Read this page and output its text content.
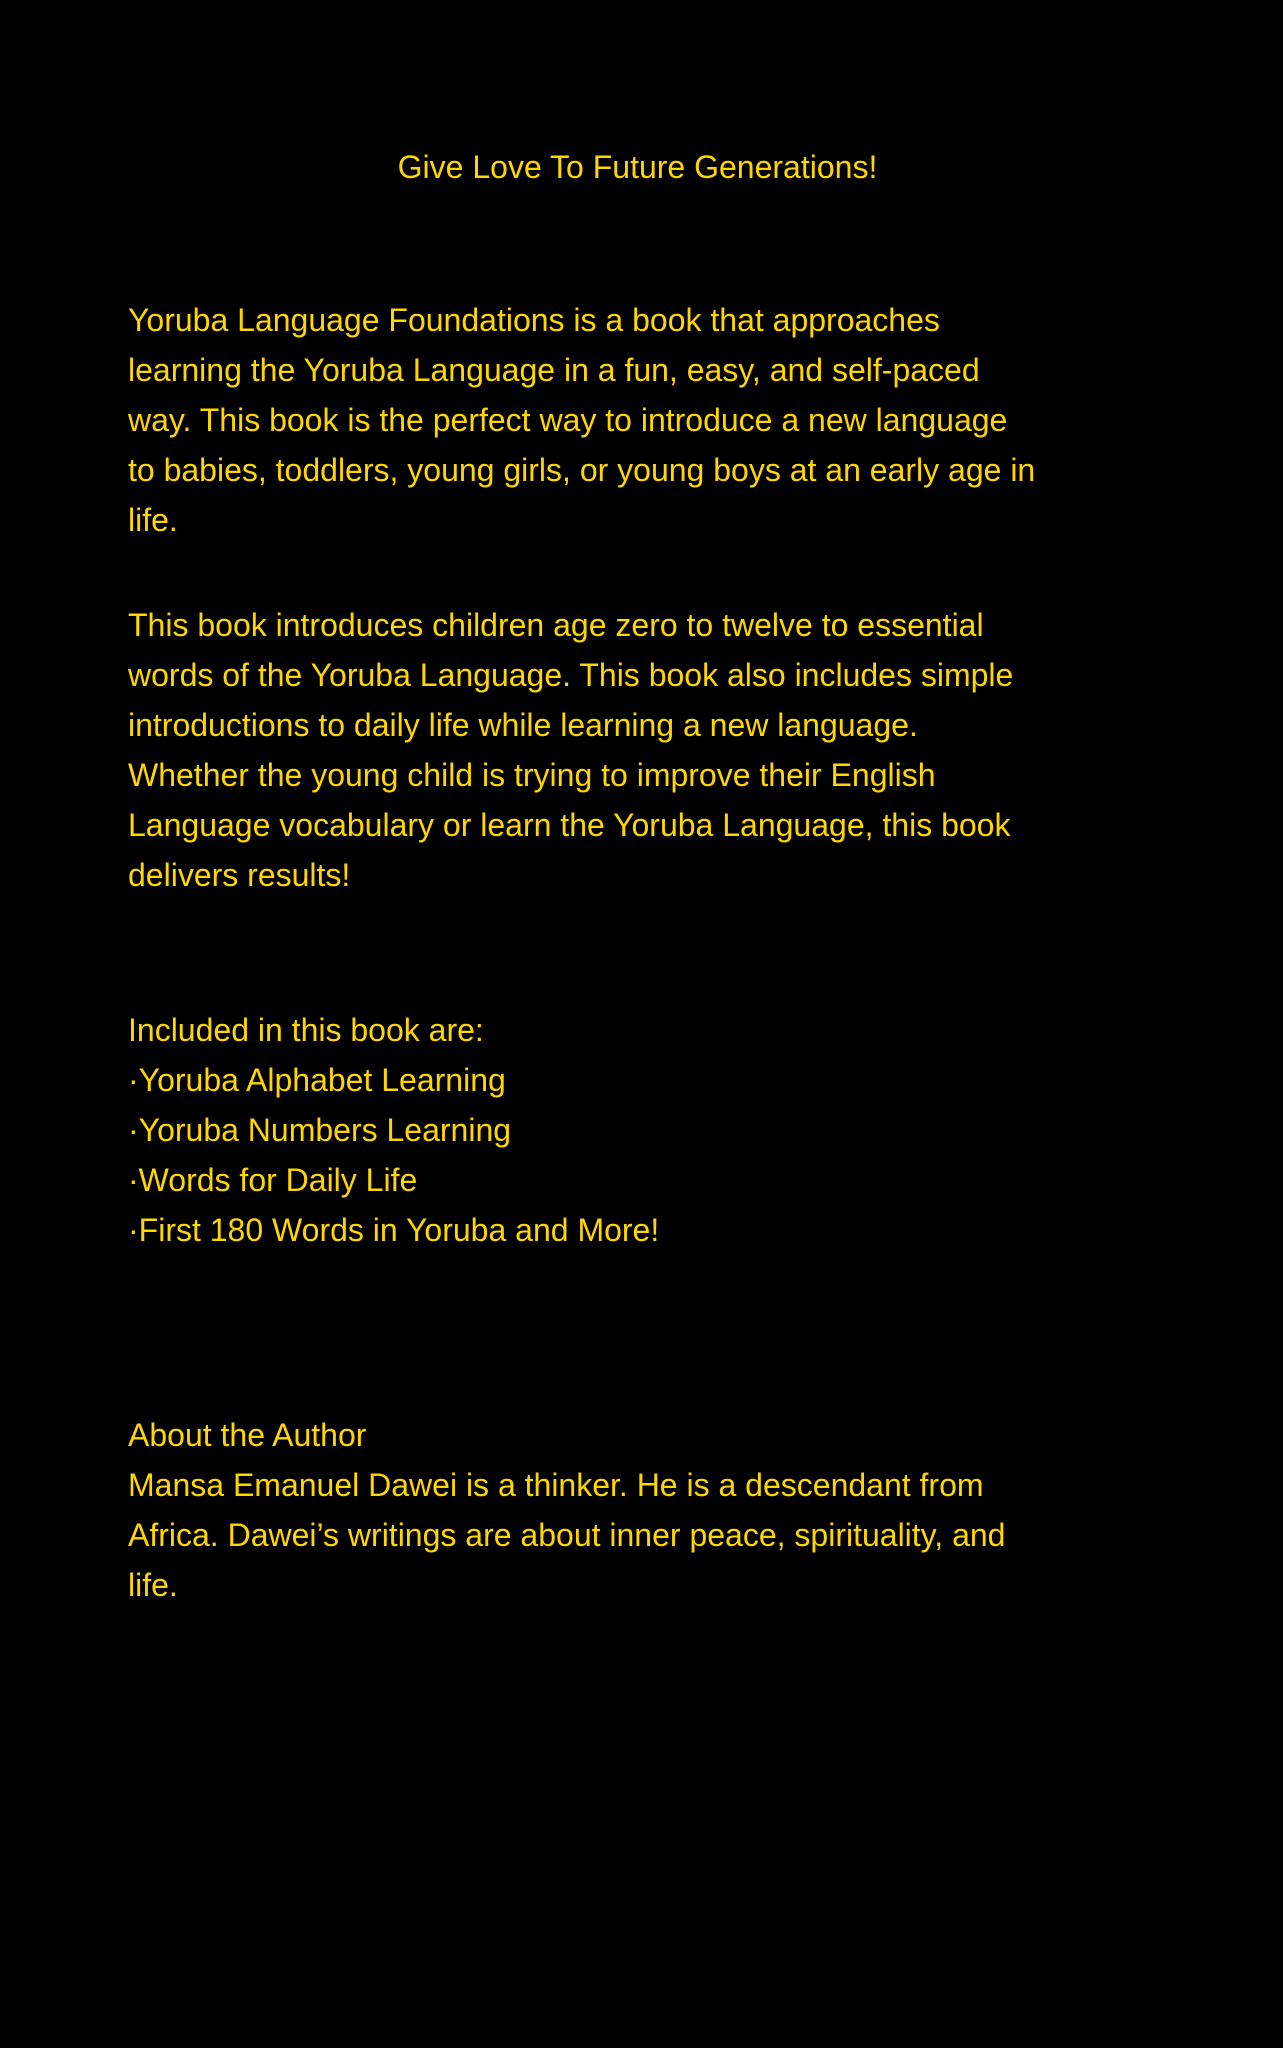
Give Love To Future Generations!
Yoruba Language Foundations is a book that approaches
learning the Yoruba Language in a fun, easy, and self-paced
way. This book is the perfect way to introduce a new language
to babies, toddlers, young girls, or young boys at an early age in
life.
This book introduces children age zero to twelve to essential
words of the Yoruba Language. This book also includes simple
introductions to daily life while learning a new language.
Whether the young child is trying to improve their English
Language vocabulary or learn the Yoruba Language, this book
delivers results!
Included in this book are:
·Yoruba Alphabet Learning
·Yoruba Numbers Learning
·Words for Daily Life
·First 180 Words in Yoruba and More!
About the Author
Mansa Emanuel Dawei is a thinker. He is a descendant from
Africa. Dawei’s writings are about inner peace, spirituality, and
life.
